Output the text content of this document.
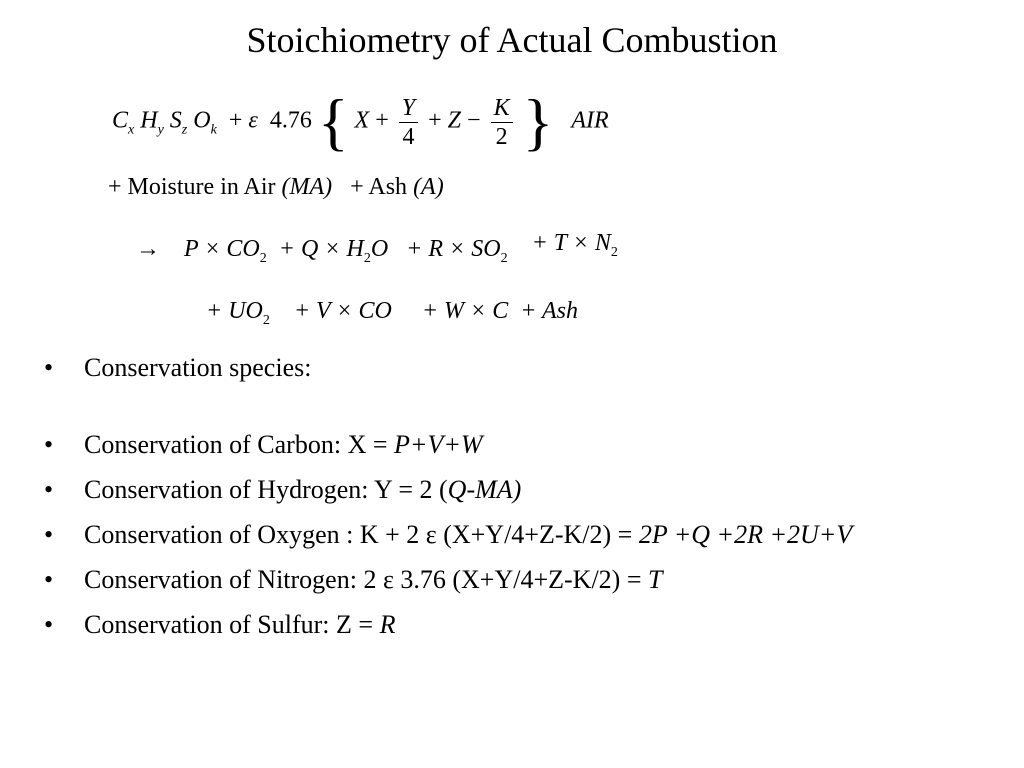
Stoichiometry of Actual Combustion
$C_x$ $H_y$ $S_z$ $O_k + \varepsilon$ 4.76 { $X + \frac{Y}{4} + Z - \frac{K}{2}$ } AIR
+ Moisture in Air (MA) + Ash (A)
→ $P \times CO_2 + Q \times H_2O + R \times SO_2$    + $T \times N_2$
+ $UO_2 + V$ × CO + W × C + Ash
• Conservation species:
• Conservation of Carbon: X = P+V+W
• Conservation of Hydrogen: Y = 2 (Q-MA)
• Conservation of Oxygen : K + 2 ε (X+Y/4+Z-K/2) = 2P +Q +2R +2U+V
• Conservation of Nitrogen: 2 ε 3.76 (X+Y/4+Z-K/2) = T
• Conservation of Sulfur: Z = R
